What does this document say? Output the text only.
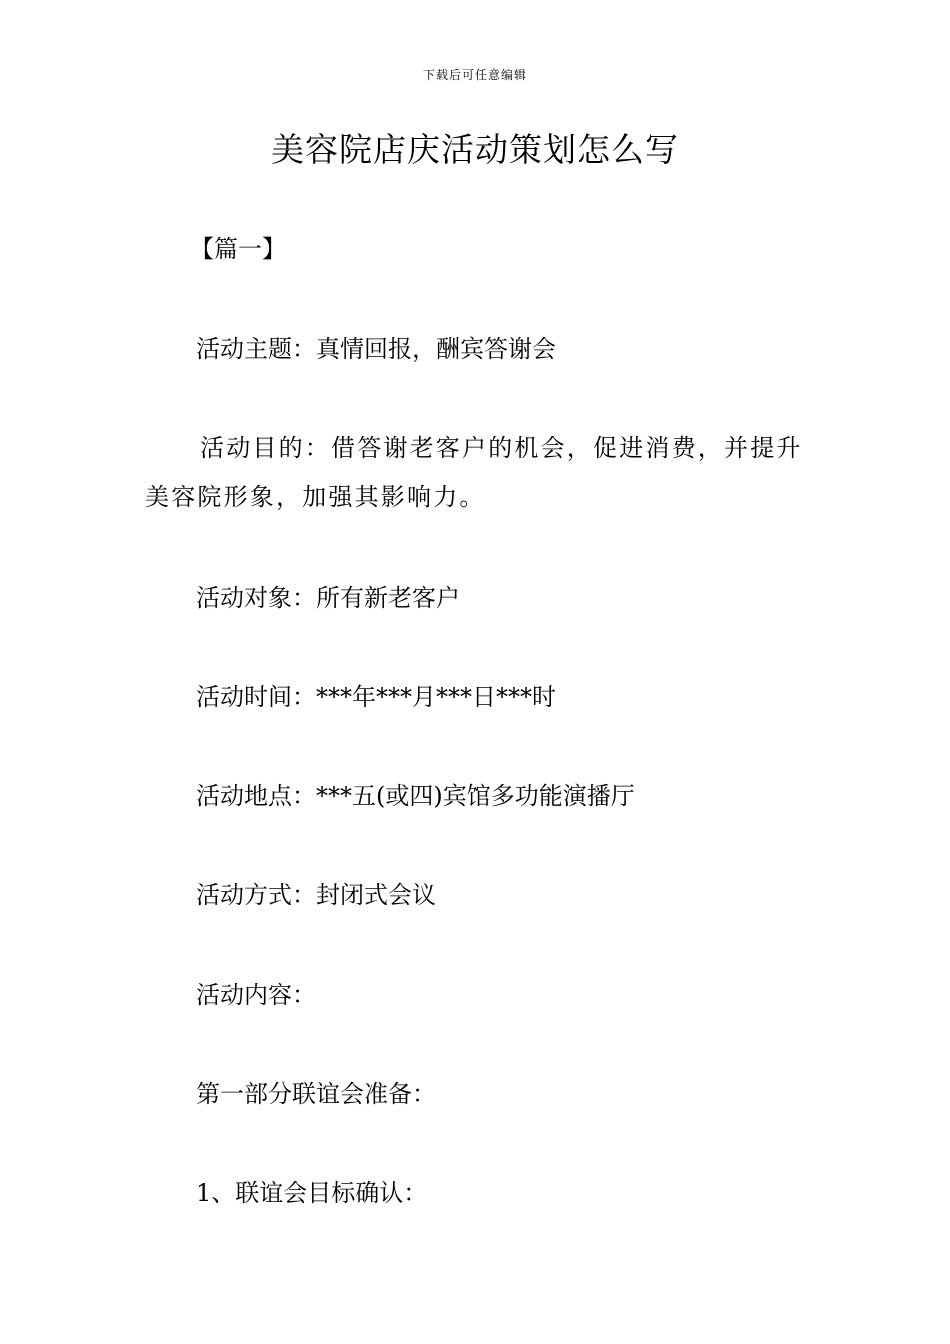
下载后可任意编辑
美容院店庆活动策划怎么写
【篇一】
活动主题：真情回报，酬宾答谢会
活动目的：借答谢老客户的机会，促进消费，并提升美容院形象，加强其影响力。
活动对象：所有新老客户
活动时间：***年***月***日***时
活动地点：***五(或四)宾馆多功能演播厅
活动方式：封闭式会议
活动内容：
第一部分联谊会准备：
1、联谊会目标确认：
